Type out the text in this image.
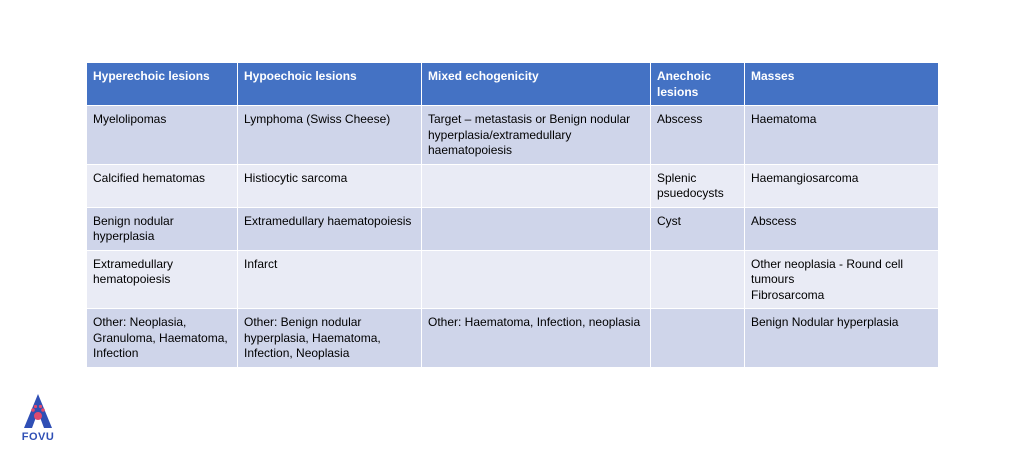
Hyperechoic lesions	Hypoechoic lesions	Mixed echogenicity	Anechoic lesions	Masses
Myelolipomas	Lymphoma (Swiss Cheese)	Target – metastasis or Benign nodular hyperplasia/extramedullary haematopoiesis	Abscess	Haematoma
Calcified hematomas	Histiocytic sarcoma		Splenic psuedocysts	Haemangiosarcoma
Benign nodular hyperplasia	Extramedullary haematopoiesis		Cyst	Abscess
Extramedullary hematopoiesis	Infarct			Other neoplasia - Round cell tumours
Fibrosarcoma
Other: Neoplasia, Granuloma, Haematoma, Infection	Other: Benign nodular hyperplasia, Haematoma, Infection, Neoplasia	Other: Haematoma, Infection, neoplasia		Benign Nodular hyperplasia
FOVU
